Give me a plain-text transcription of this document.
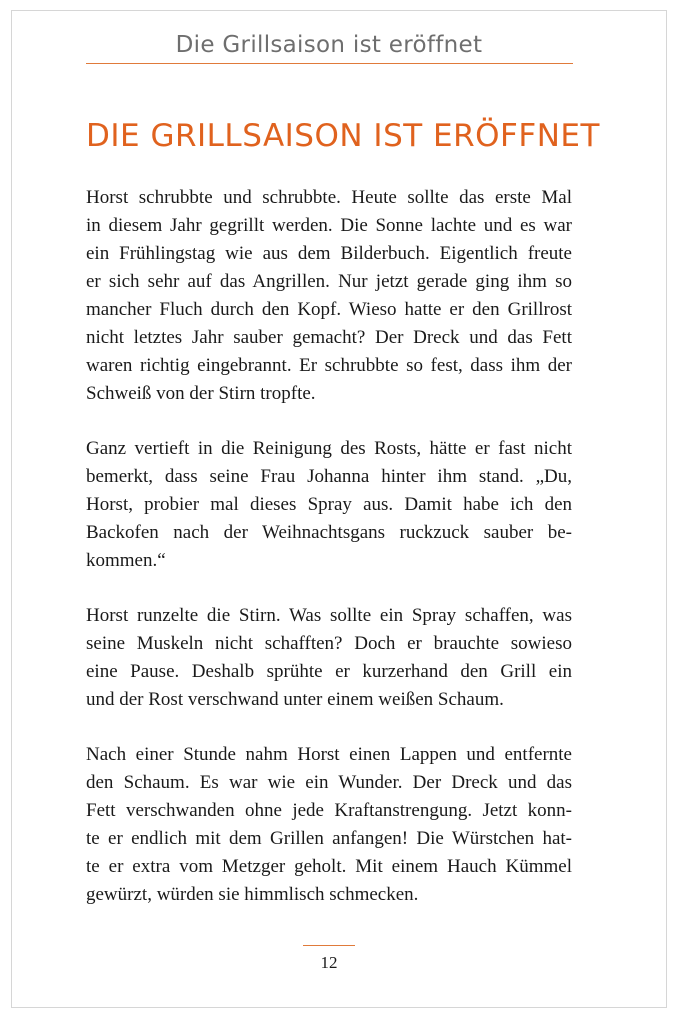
Die Grillsaison ist eröffnet
DIE GRILLSAISON IST ERÖFFNET

Horst schrubbte und schrubbte. Heute sollte das erste Mal
in diesem Jahr gegrillt werden. Die Sonne lachte und es war
ein Frühlingstag wie aus dem Bilderbuch. Eigentlich freute
er sich sehr auf das Angrillen. Nur jetzt gerade ging ihm so
mancher Fluch durch den Kopf. Wieso hatte er den Grillrost
nicht letztes Jahr sauber gemacht? Der Dreck und das Fett
waren richtig eingebrannt. Er schrubbte so fest, dass ihm der
Schweiß von der Stirn tropfte.

Ganz vertieft in die Reinigung des Rosts, hätte er fast nicht
bemerkt, dass seine Frau Johanna hinter ihm stand. „Du,
Horst, probier mal dieses Spray aus. Damit habe ich den
Backofen nach der Weihnachtsgans ruckzuck sauber be-
kommen.“

Horst runzelte die Stirn. Was sollte ein Spray schaffen, was
seine Muskeln nicht schafften? Doch er brauchte sowieso
eine Pause. Deshalb sprühte er kurzerhand den Grill ein
und der Rost verschwand unter einem weißen Schaum.

Nach einer Stunde nahm Horst einen Lappen und entfernte
den Schaum. Es war wie ein Wunder. Der Dreck und das
Fett verschwanden ohne jede Kraftanstrengung. Jetzt konn-
te er endlich mit dem Grillen anfangen! Die Würstchen hat-
te er extra vom Metzger geholt. Mit einem Hauch Kümmel
gewürzt, würden sie himmlisch schmecken.

12
